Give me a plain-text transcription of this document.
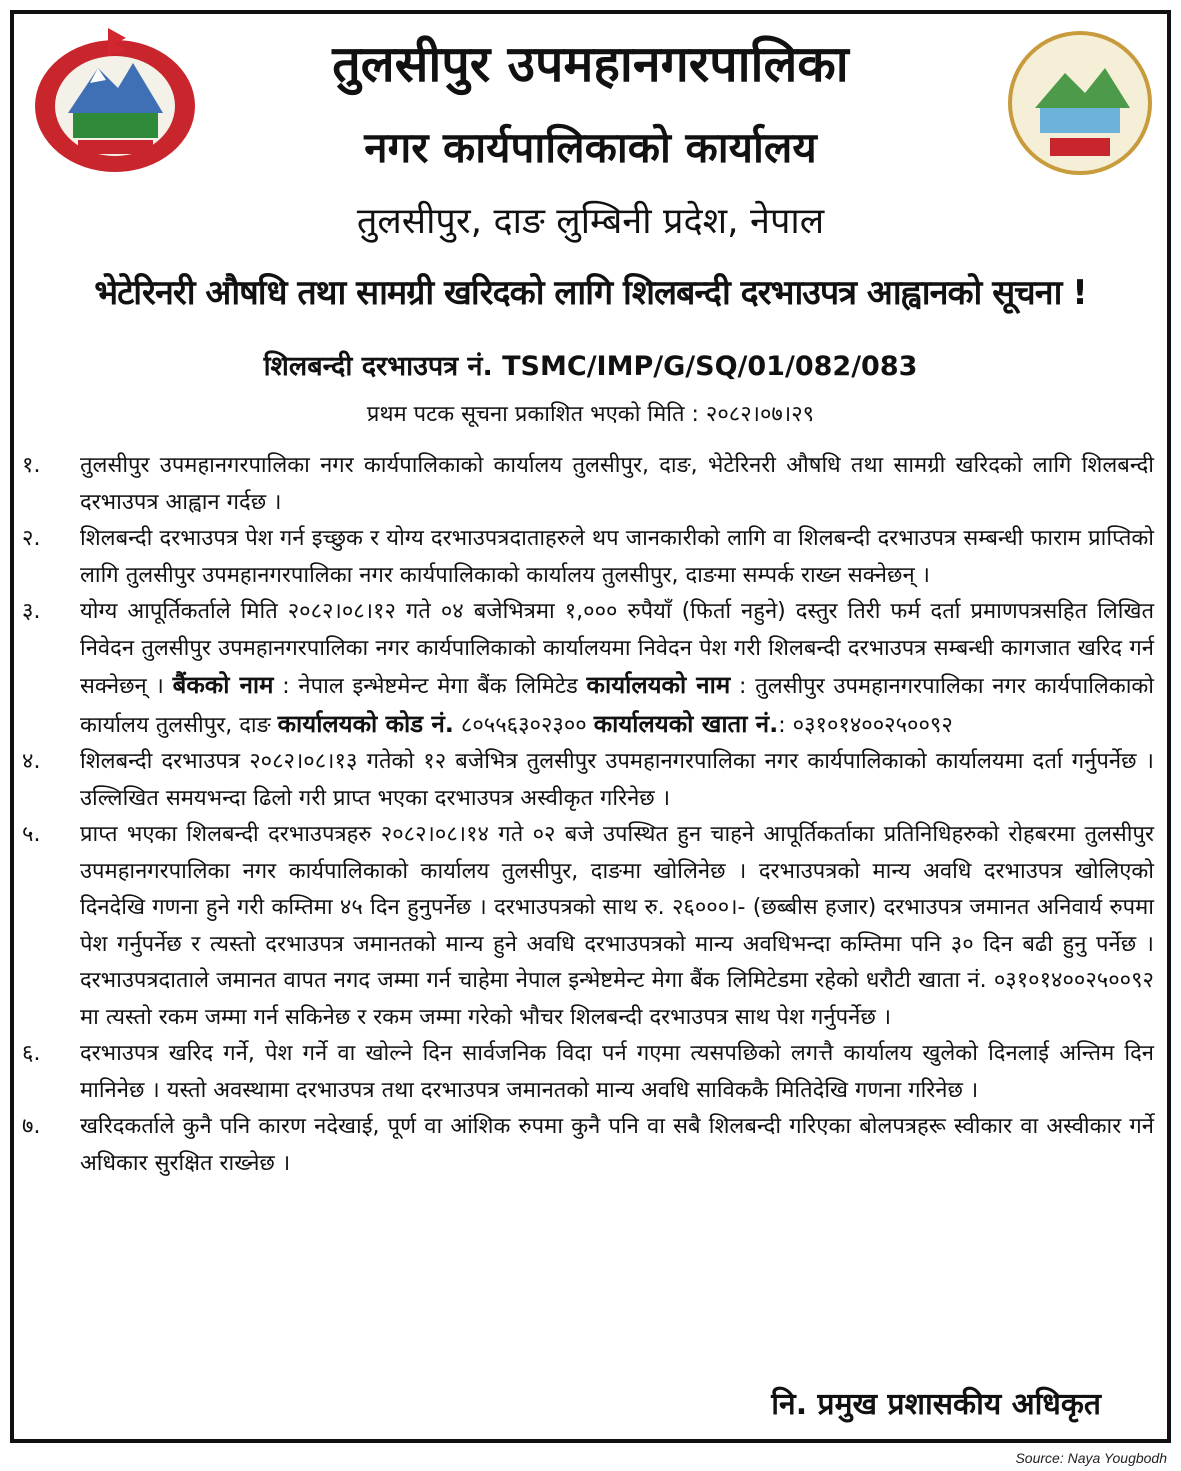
तुलसीपुर उपमहानगरपालिका
नगर कार्यपालिकाको कार्यालय
तुलसीपुर, दाङ लुम्बिनी प्रदेश, नेपाल
भेटेरिनरी औषधि तथा सामग्री खरिदको लागि शिलबन्दी दरभाउपत्र आह्वानको सूचना !
शिलबन्दी दरभाउपत्र नं. TSMC/IMP/G/SQ/01/082/083
प्रथम पटक सूचना प्रकाशित भएको मिति : २०८२।०७।२९
१.	तुलसीपुर उपमहानगरपालिका नगर कार्यपालिकाको कार्यालय तुलसीपुर, दाङ, भेटेरिनरी औषधि तथा सामग्री खरिदको लागि शिलबन्दी दरभाउपत्र आह्वान गर्दछ ।
२.	शिलबन्दी दरभाउपत्र पेश गर्न इच्छुक र योग्य दरभाउपत्रदाताहरुले थप जानकारीको लागि वा शिलबन्दी दरभाउपत्र सम्बन्धी फाराम प्राप्तिको लागि तुलसीपुर उपमहानगरपालिका नगर कार्यपालिकाको कार्यालय तुलसीपुर, दाङमा सम्पर्क राख्न सक्नेछन् ।
३.	योग्य आपूर्तिकर्ताले मिति २०८२।०८।१२ गते ०४ बजेभित्रमा १,००० रुपैयाँ (फिर्ता नहुने) दस्तुर तिरी फर्म दर्ता प्रमाणपत्रसहित लिखित निवेदन तुलसीपुर उपमहानगरपालिका नगर कार्यपालिकाको कार्यालयमा निवेदन पेश गरी शिलबन्दी दरभाउपत्र सम्बन्धी कागजात खरिद गर्न सक्नेछन् । बैंकको नाम : नेपाल इन्भेष्टमेन्ट मेगा बैंक लिमिटेड कार्यालयको नाम : तुलसीपुर उपमहानगरपालिका नगर कार्यपालिकाको कार्यालय तुलसीपुर, दाङ कार्यालयको कोड नं. ८०५५६३०२३०० कार्यालयको खाता नं.: ०३१०१४००२५००९२
४.	शिलबन्दी दरभाउपत्र २०८२।०८।१३ गतेको १२ बजेभित्र तुलसीपुर उपमहानगरपालिका नगर कार्यपालिकाको कार्यालयमा दर्ता गर्नुपर्नेछ । उल्लिखित समयभन्दा ढिलो गरी प्राप्त भएका दरभाउपत्र अस्वीकृत गरिनेछ ।
५.	प्राप्त भएका शिलबन्दी दरभाउपत्रहरु २०८२।०८।१४ गते ०२ बजे उपस्थित हुन चाहने आपूर्तिकर्ताका प्रतिनिधिहरुको रोहबरमा तुलसीपुर उपमहानगरपालिका नगर कार्यपालिकाको कार्यालय तुलसीपुर, दाङमा खोलिनेछ । दरभाउपत्रको मान्य अवधि दरभाउपत्र खोलिएको दिनदेखि गणना हुने गरी कम्तिमा ४५ दिन हुनुपर्नेछ । दरभाउपत्रको साथ रु. २६०००।- (छब्बीस हजार) दरभाउपत्र जमानत अनिवार्य रुपमा पेश गर्नुपर्नेछ र त्यस्तो दरभाउपत्र जमानतको मान्य हुने अवधि दरभाउपत्रको मान्य अवधिभन्दा कम्तिमा पनि ३० दिन बढी हुनु पर्नेछ । दरभाउपत्रदाताले जमानत वापत नगद जम्मा गर्न चाहेमा नेपाल इन्भेष्टमेन्ट मेगा बैंक लिमिटेडमा रहेको धरौटी खाता नं. ०३१०१४००२५००९२ मा त्यस्तो रकम जम्मा गर्न सकिनेछ र रकम जम्मा गरेको भौचर शिलबन्दी दरभाउपत्र साथ पेश गर्नुपर्नेछ ।
६.	दरभाउपत्र खरिद गर्ने, पेश गर्ने वा खोल्ने दिन सार्वजनिक विदा पर्न गएमा त्यसपछिको लगत्तै कार्यालय खुलेको दिनलाई अन्तिम दिन मानिनेछ । यस्तो अवस्थामा दरभाउपत्र तथा दरभाउपत्र जमानतको मान्य अवधि साविककै मितिदेखि गणना गरिनेछ ।
७.	खरिदकर्ताले कुनै पनि कारण नदेखाई, पूर्ण वा आंशिक रुपमा कुनै पनि वा सबै शिलबन्दी गरिएका बोलपत्रहरू स्वीकार वा अस्वीकार गर्ने अधिकार सुरक्षित राख्नेछ ।
नि. प्रमुख प्रशासकीय अधिकृत
Source: Naya Yougbodh
